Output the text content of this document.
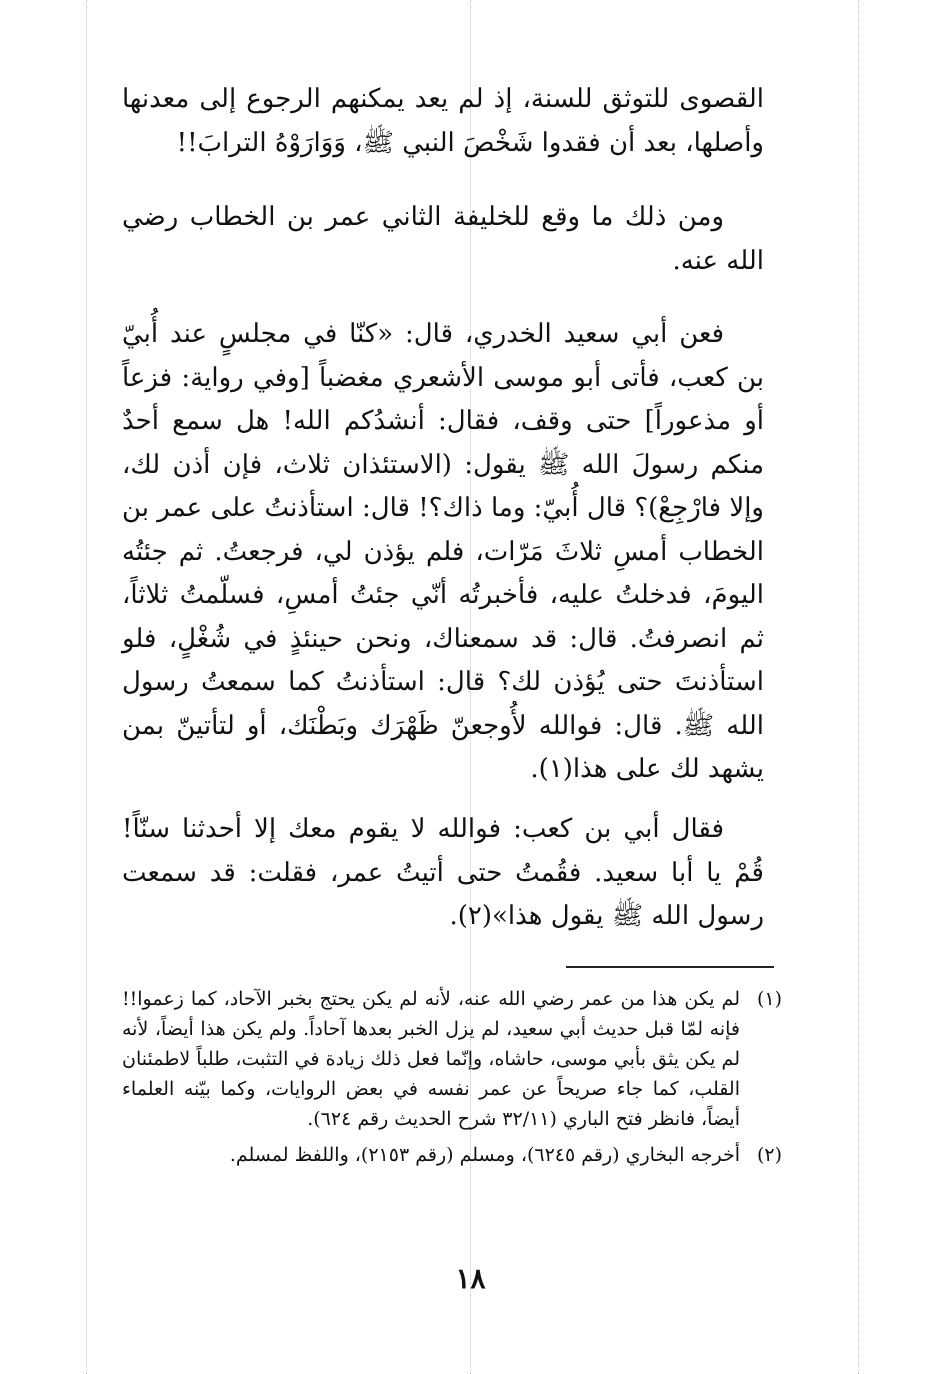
القصوى للتوثق للسنة، إذ لم يعد يمكنهم الرجوع إلى معدنها وأصلها، بعد أن فقدوا شَخْصَ النبي ﷺ، وَوَارَوْهُ الترابَ!!

ومن ذلك ما وقع للخليفة الثاني عمر بن الخطاب رضي الله عنه.

فعن أبي سعيد الخدري، قال: «كنّا في مجلسٍ عند أُبيّ بن كعب، فأتى أبو موسى الأشعري مغضباً [وفي رواية: فزعاً أو مذعوراً] حتى وقف، فقال: أنشدُكم الله! هل سمع أحدٌ منكم رسولَ الله ﷺ يقول: (الاستئذان ثلاث، فإن أذن لك، وإلا فارْجِعْ)؟ قال أُبيّ: وما ذاك؟! قال: استأذنتُ على عمر بن الخطاب أمسِ ثلاثَ مَرّات، فلم يؤذن لي، فرجعتُ. ثم جئتُه اليومَ، فدخلتُ عليه، فأخبرتُه أنّي جئتُ أمسِ، فسلّمتُ ثلاثاً، ثم انصرفتُ. قال: قد سمعناك، ونحن حينئذٍ في شُغْلٍ، فلو استأذنتَ حتى يُؤذن لك؟ قال: استأذنتُ كما سمعتُ رسول الله ﷺ. قال: فوالله لأُوجعنّ ظَهْرَك وبَطْنَك، أو لتأتينّ بمن يشهد لك على هذا(١).

فقال أبي بن كعب: فوالله لا يقوم معك إلا أحدثنا سنّاً! قُمْ يا أبا سعيد. فقُمتُ حتى أتيتُ عمر، فقلت: قد سمعت رسول الله ﷺ يقول هذا»(٢).

(١)
لم يكن هذا من عمر رضي الله عنه، لأنه لم يكن يحتج بخبر الآحاد، كما زعموا!! فإنه لمّا قبل حديث أبي سعيد، لم يزل الخبر بعدها آحاداً. ولم يكن هذا أيضاً، لأنه لم يكن يثق بأبي موسى، حاشاه، وإنّما فعل ذلك زيادة في التثبت، طلباً لاطمئنان القلب، كما جاء صريحاً عن عمر نفسه في بعض الروايات، وكما بيّنه العلماء أيضاً، فانظر فتح الباري (٣٢/١١ شرح الحديث رقم ٦٢٤).
(٢)
أخرجه البخاري (رقم ٦٢٤٥)، ومسلم (رقم ٢١٥٣)، واللفظ لمسلم.
١٨
